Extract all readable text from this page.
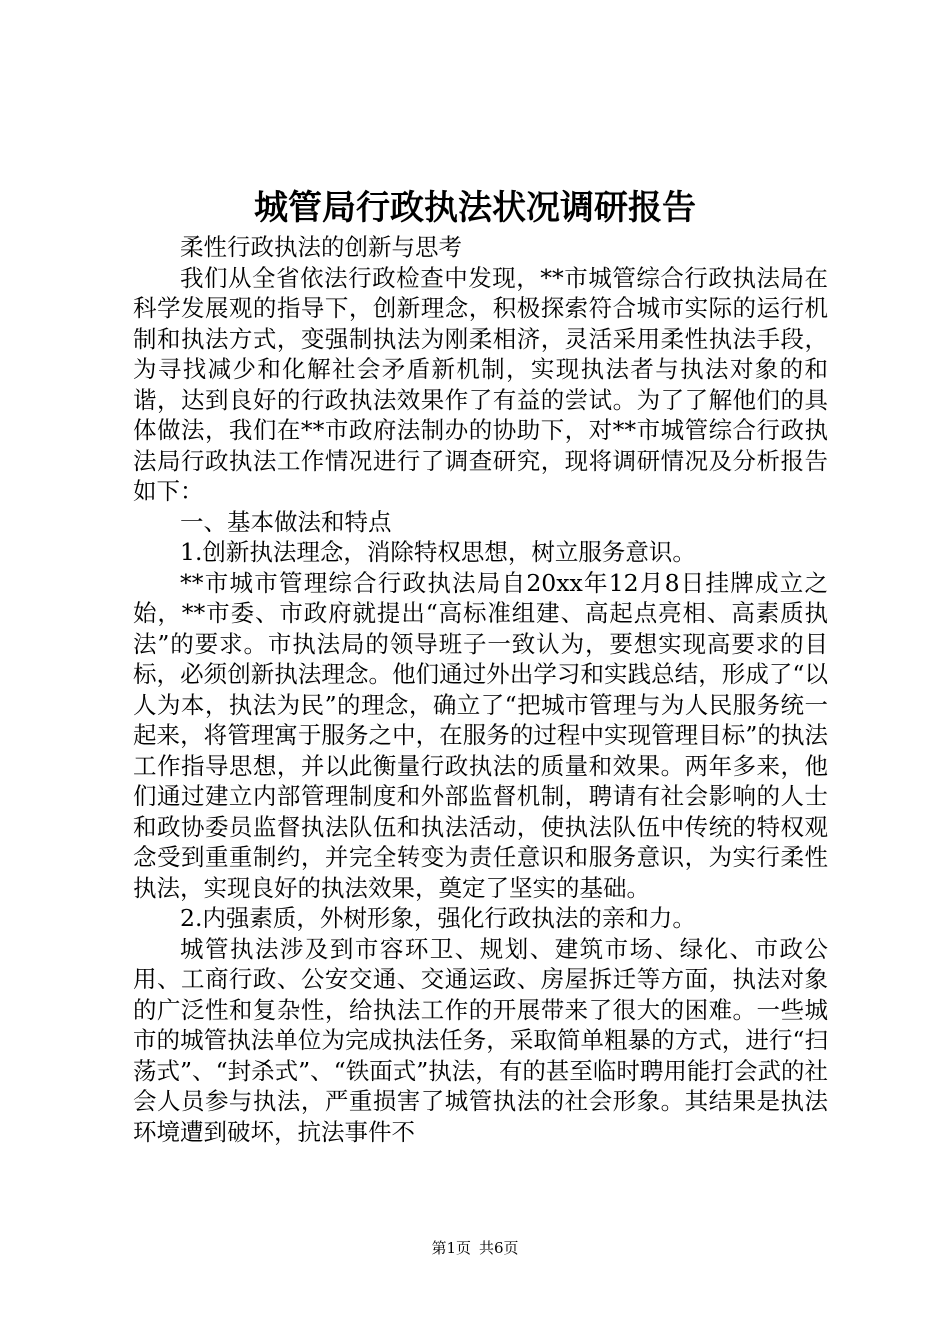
城管局行政执法状况调研报告

柔性行政执法的创新与思考

我们从全省依法行政检查中发现，**市城管综合行政执法局在科学发展观的指导下，创新理念，积极探索符合城市实际的运行机制和执法方式，变强制执法为刚柔相济，灵活采用柔性执法手段，为寻找减少和化解社会矛盾新机制，实现执法者与执法对象的和谐，达到良好的行政执法效果作了有益的尝试。为了了解他们的具体做法，我们在**市政府法制办的协助下，对**市城管综合行政执法局行政执法工作情况进行了调查研究，现将调研情况及分析报告如下：

一、基本做法和特点

1.创新执法理念，消除特权思想，树立服务意识。

**市城市管理综合行政执法局自20xx年12月8日挂牌成立之始，**市委、市政府就提出“高标准组建、高起点亮相、高素质执法”的要求。市执法局的领导班子一致认为，要想实现高要求的目标，必须创新执法理念。他们通过外出学习和实践总结，形成了“以人为本，执法为民”的理念，确立了“把城市管理与为人民服务统一起来，将管理寓于服务之中，在服务的过程中实现管理目标”的执法工作指导思想，并以此衡量行政执法的质量和效果。两年多来，他们通过建立内部管理制度和外部监督机制，聘请有社会影响的人士和政协委员监督执法队伍和执法活动，使执法队伍中传统的特权观念受到重重制约，并完全转变为责任意识和服务意识，为实行柔性执法，实现良好的执法效果，奠定了坚实的基础。

2.内强素质，外树形象，强化行政执法的亲和力。

城管执法涉及到市容环卫、规划、建筑市场、绿化、市政公用、工商行政、公安交通、交通运政、房屋拆迁等方面，执法对象的广泛性和复杂性，给执法工作的开展带来了很大的困难。一些城市的城管执法单位为完成执法任务，采取简单粗暴的方式，进行“扫荡式”、“封杀式”、“铁面式”执法，有的甚至临时聘用能打会武的社会人员参与执法，严重损害了城管执法的社会形象。其结果是执法环境遭到破坏，抗法事件不

第1页 共6页
